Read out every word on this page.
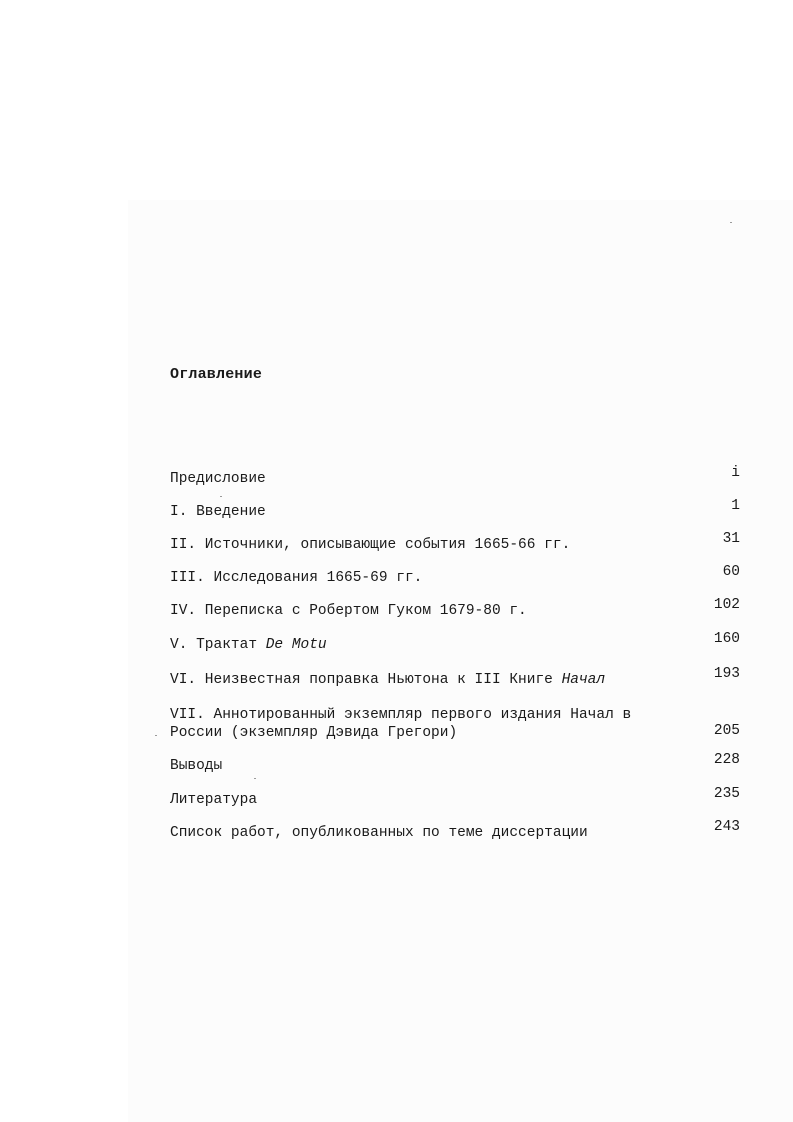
Оглавление
Предисловие	i
I. Введение	1
II. Источники, описывающие события 1665-66 гг.	31
III. Исследования 1665-69 гг.	60
IV. Переписка с Робертом Гуком 1679-80 г.	102
V. Трактат De Motu	160
VI. Неизвестная поправка Ньютона к III Книге Начал	193
VII. Аннотированный экземпляр первого издания Начал в России (экземпляр Дэвида Грегори)	205
Выводы	228
Литература	235
Список работ, опубликованных по теме диссертации	243
